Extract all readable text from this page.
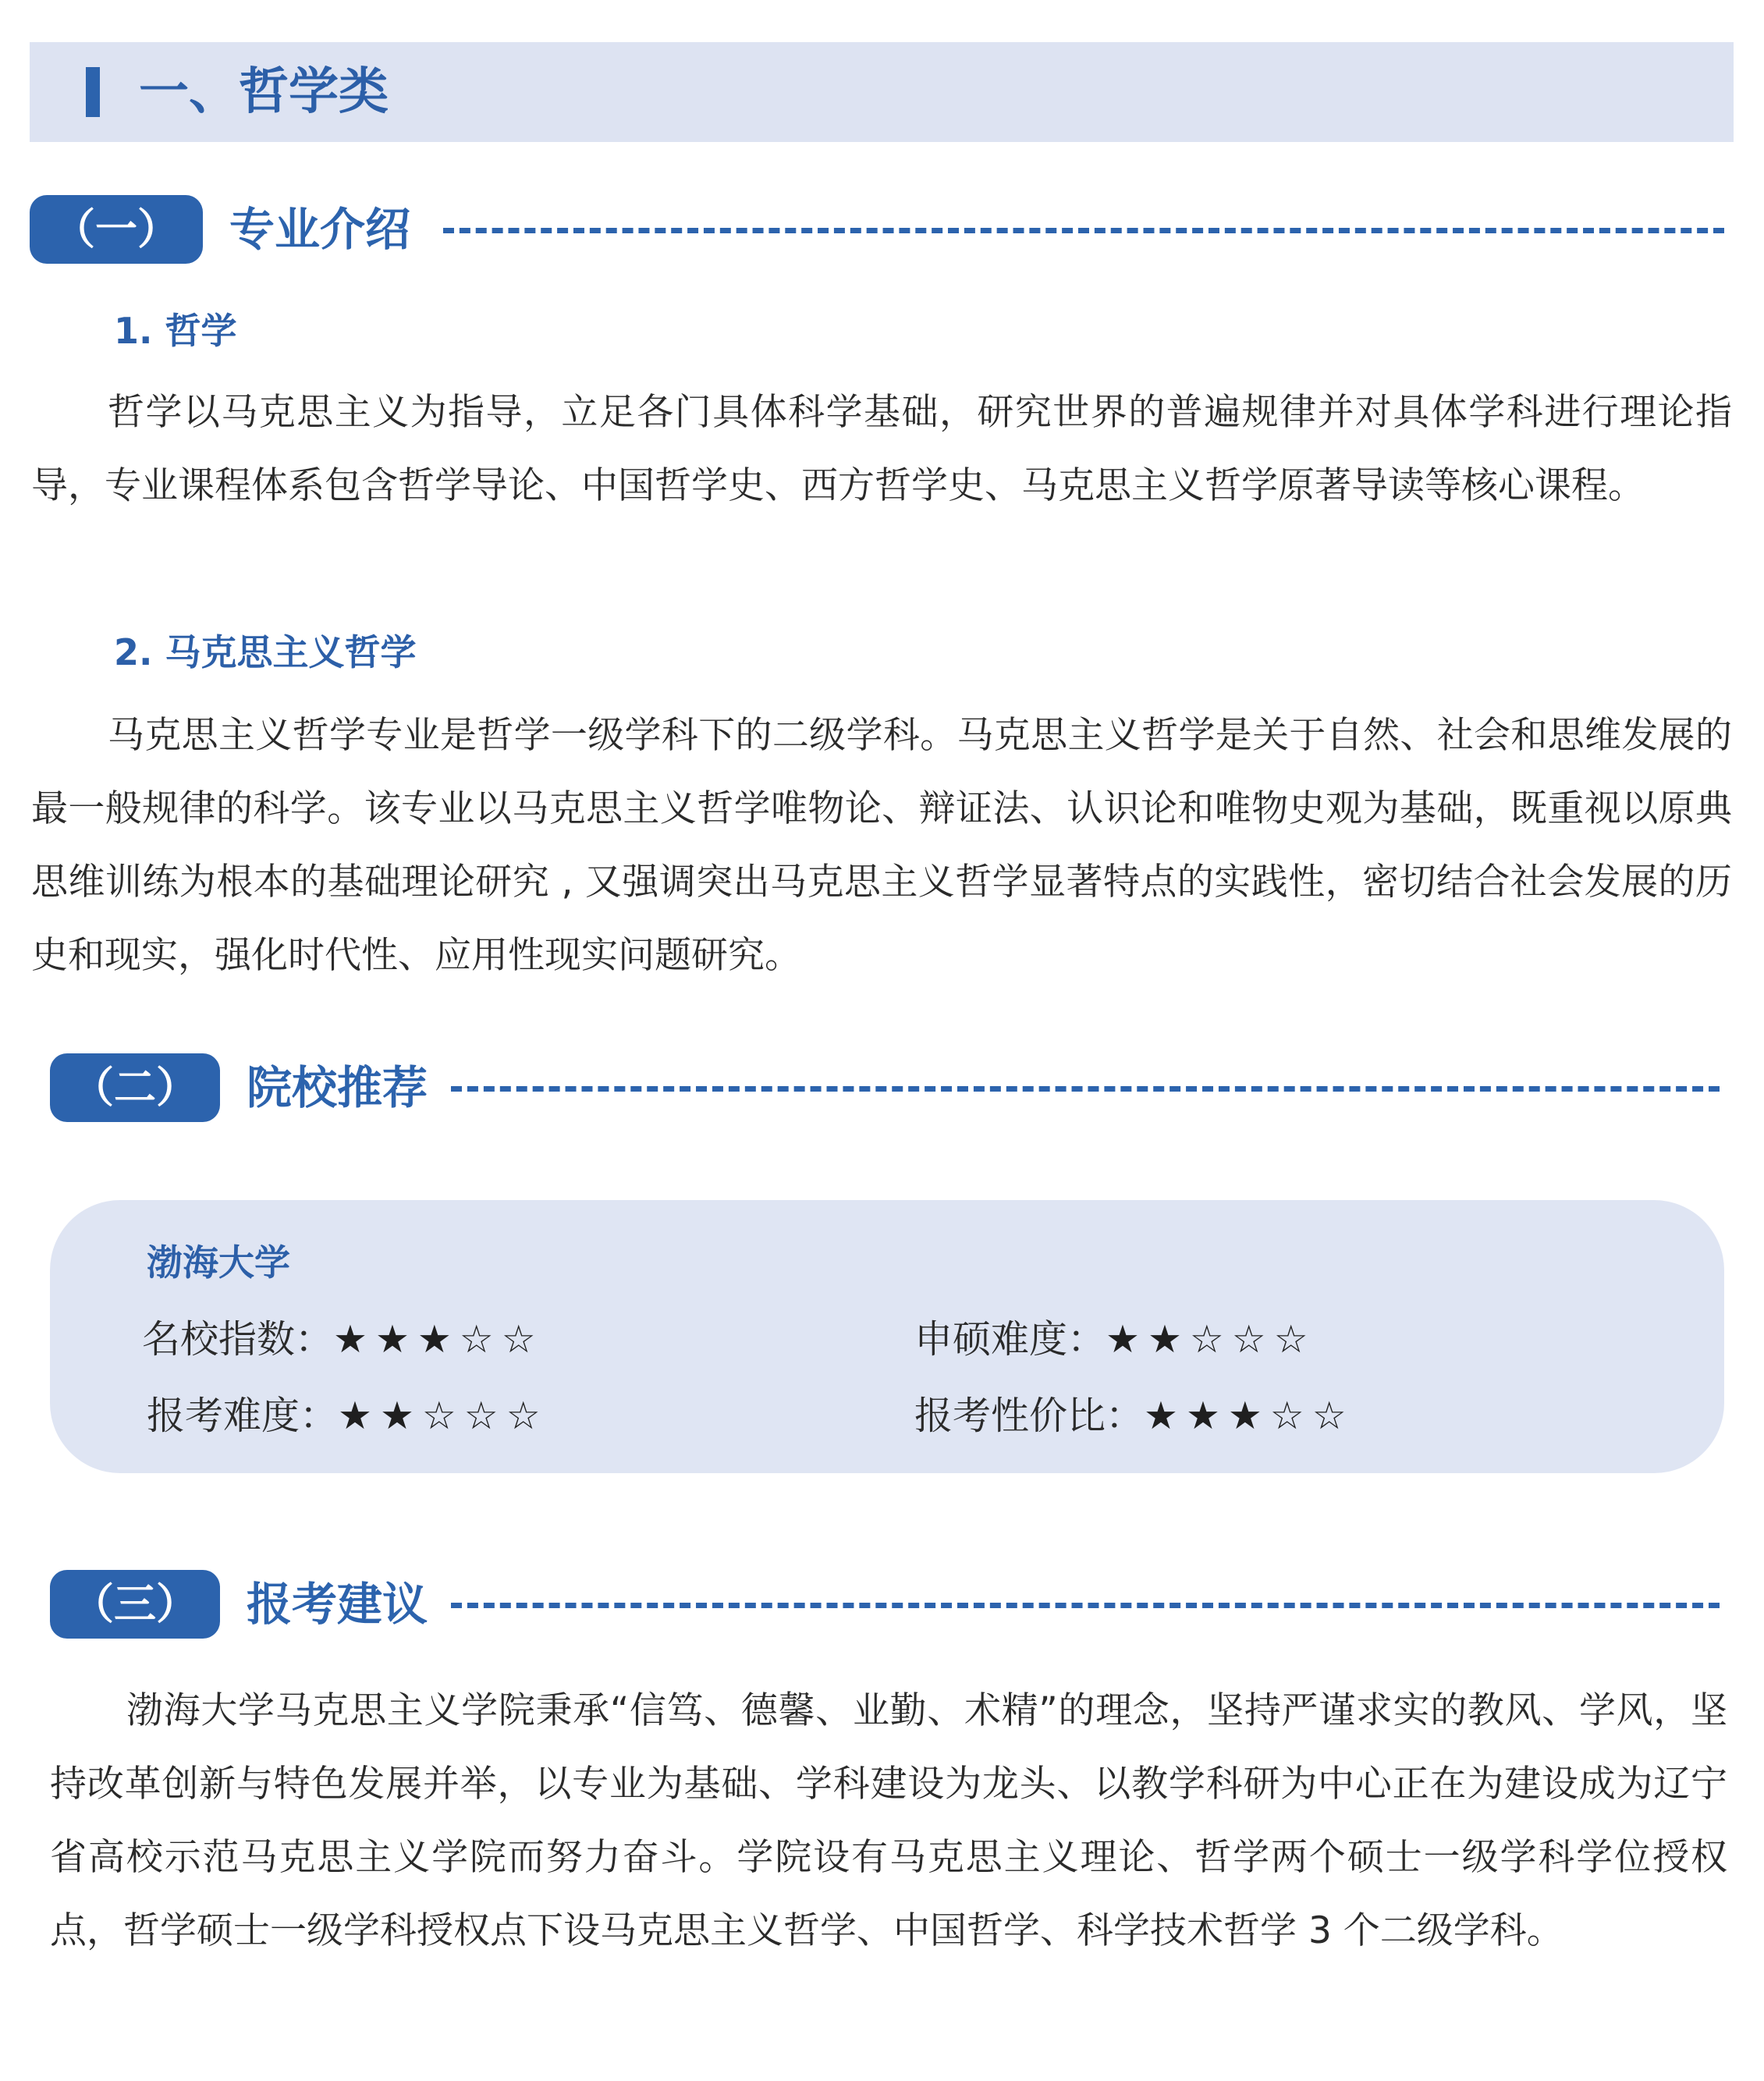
一、哲学类
（一）	专业介绍
1. 哲学

哲学以马克思主义为指导，立足各门具体科学基础，研究世界的普遍规律并对具体学科进行理论指导，专业课程体系包含哲学导论、中国哲学史、西方哲学史、马克思主义哲学原著导读等核心课程。

2. 马克思主义哲学

马克思主义哲学专业是哲学一级学科下的二级学科。马克思主义哲学是关于自然、社会和思维发展的最一般规律的科学。该专业以马克思主义哲学唯物论、辩证法、认识论和唯物史观为基础，既重视以原典思维训练为根本的基础理论研究 , 又强调突出马克思主义哲学显著特点的实践性，密切结合社会发展的历史和现实，强化时代性、应用性现实问题研究。

（二）	院校推荐
渤海大学
名校指数：★★★☆☆	申硕难度：★★☆☆☆
报考难度：★★☆☆☆	报考性价比：★★★☆☆
（三）	报考建议

渤海大学马克思主义学院秉承“信笃、德馨、业勤、术精”的理念，坚持严谨求实的教风、学风，坚持改革创新与特色发展并举，以专业为基础、学科建设为龙头、以教学科研为中心正在为建设成为辽宁省高校示范马克思主义学院而努力奋斗。学院设有马克思主义理论、哲学两个硕士一级学科学位授权点，哲学硕士一级学科授权点下设马克思主义哲学、中国哲学、科学技术哲学 3 个二级学科。
